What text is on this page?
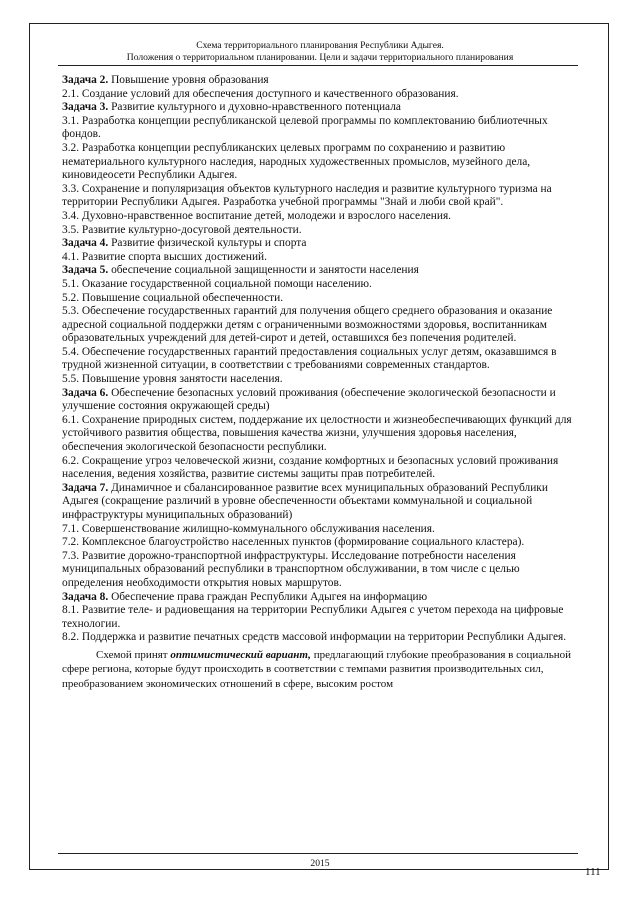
Схема территориального планирования Республики Адыгея.
Положения о территориальном планировании. Цели и задачи территориального планирования
Задача 2. Повышение уровня образования
2.1. Создание условий для обеспечения доступного и качественного образования.
Задача 3. Развитие культурного и духовно-нравственного потенциала
3.1. Разработка концепции республиканской целевой программы по комплектованию библиотечных фондов.
3.2. Разработка концепции республиканских целевых программ по сохранению и развитию нематериального культурного наследия, народных художественных промыслов, музейного дела, киновидеосети Республики Адыгея.
3.3. Сохранение и популяризация объектов культурного наследия и развитие культурного туризма на территории Республики Адыгея. Разработка учебной программы "Знай и люби свой край".
3.4. Духовно-нравственное воспитание детей, молодежи и взрослого населения.
3.5. Развитие культурно-досуговой деятельности.
Задача 4. Развитие физической культуры и спорта
4.1. Развитие спорта высших достижений.
Задача 5. обеспечение социальной защищенности и занятости населения
5.1. Оказание государственной социальной помощи населению.
5.2. Повышение социальной обеспеченности.
5.3. Обеспечение государственных гарантий для получения общего среднего образования и оказание адресной социальной поддержки детям с ограниченными возможностями здоровья, воспитанникам образовательных учреждений для детей-сирот и детей, оставшихся без попечения родителей.
5.4. Обеспечение государственных гарантий предоставления социальных услуг детям, оказавшимся в трудной жизненной ситуации, в соответствии с требованиями современных стандартов.
5.5. Повышение уровня занятости населения.
Задача 6. Обеспечение безопасных условий проживания (обеспечение экологической безопасности и улучшение состояния окружающей среды)
6.1. Сохранение природных систем, поддержание их целостности и жизнеобеспечивающих функций для устойчивого развития общества, повышения качества жизни, улучшения здоровья населения, обеспечения экологической безопасности республики.
6.2. Сокращение угроз человеческой жизни, создание комфортных и безопасных условий проживания населения, ведения хозяйства, развитие системы защиты прав потребителей.
Задача 7. Динамичное и сбалансированное развитие всех муниципальных образований Республики Адыгея (сокращение различий в уровне обеспеченности объектами коммунальной и социальной инфраструктуры муниципальных образований)
7.1. Совершенствование жилищно-коммунального обслуживания населения.
7.2. Комплексное благоустройство населенных пунктов (формирование социального кластера).
7.3. Развитие дорожно-транспортной инфраструктуры. Исследование потребности населения муниципальных образований республики в транспортном обслуживании, в том числе с целью определения необходимости открытия новых маршрутов.
Задача 8. Обеспечение права граждан Республики Адыгея на информацию
8.1. Развитие теле- и радиовещания на территории Республики Адыгея с учетом перехода на цифровые технологии.
8.2. Поддержка и развитие печатных средств массовой информации на территории Республики Адыгея.
Схемой принят оптимистический вариант, предлагающий глубокие преобразования в социальной сфере региона, которые будут происходить в соответствии с темпами развития производительных сил, преобразованием экономических отношений в сфере, высоким ростом
2015
111
